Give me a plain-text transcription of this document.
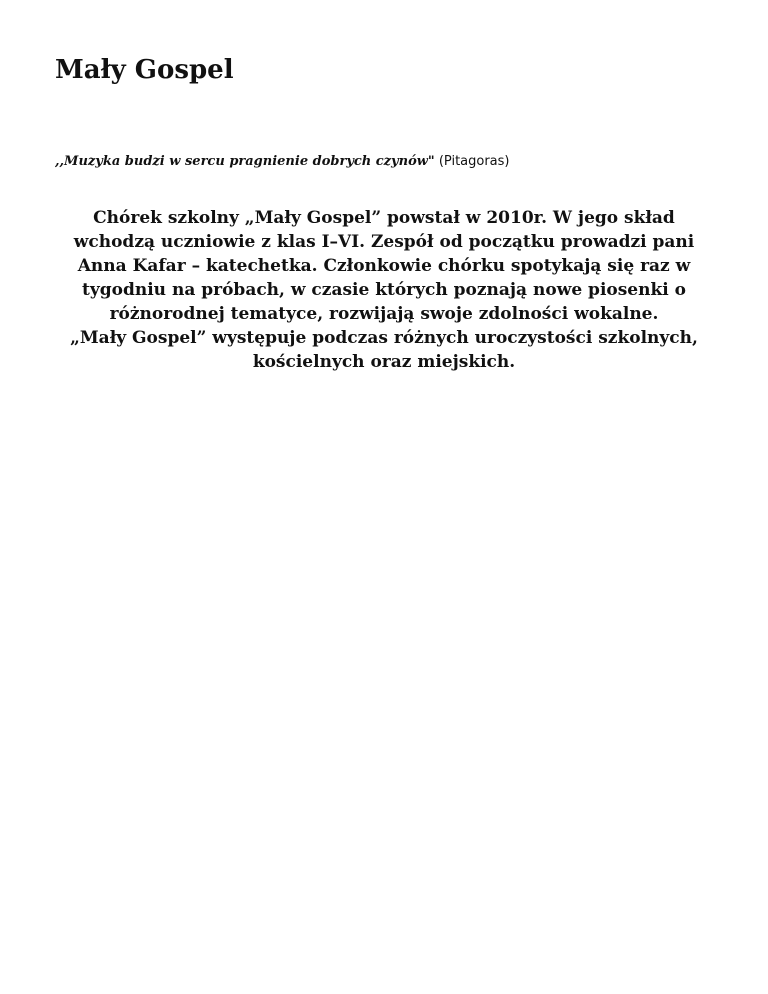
Mały Gospel

,,Muzyka budzi w sercu pragnienie dobrych czynów" (Pitagoras)

Chórek szkolny „Mały Gospel” powstał w 2010r. W jego skład
wchodzą uczniowie z klas I–VI. Zespół od początku prowadzi pani
Anna Kafar – katechetka. Członkowie chórku spotykają się raz w
tygodniu na próbach, w czasie których poznają nowe piosenki o
różnorodnej tematyce, rozwijają swoje zdolności wokalne.
„Mały Gospel” występuje podczas różnych uroczystości szkolnych,
kościelnych oraz miejskich.
